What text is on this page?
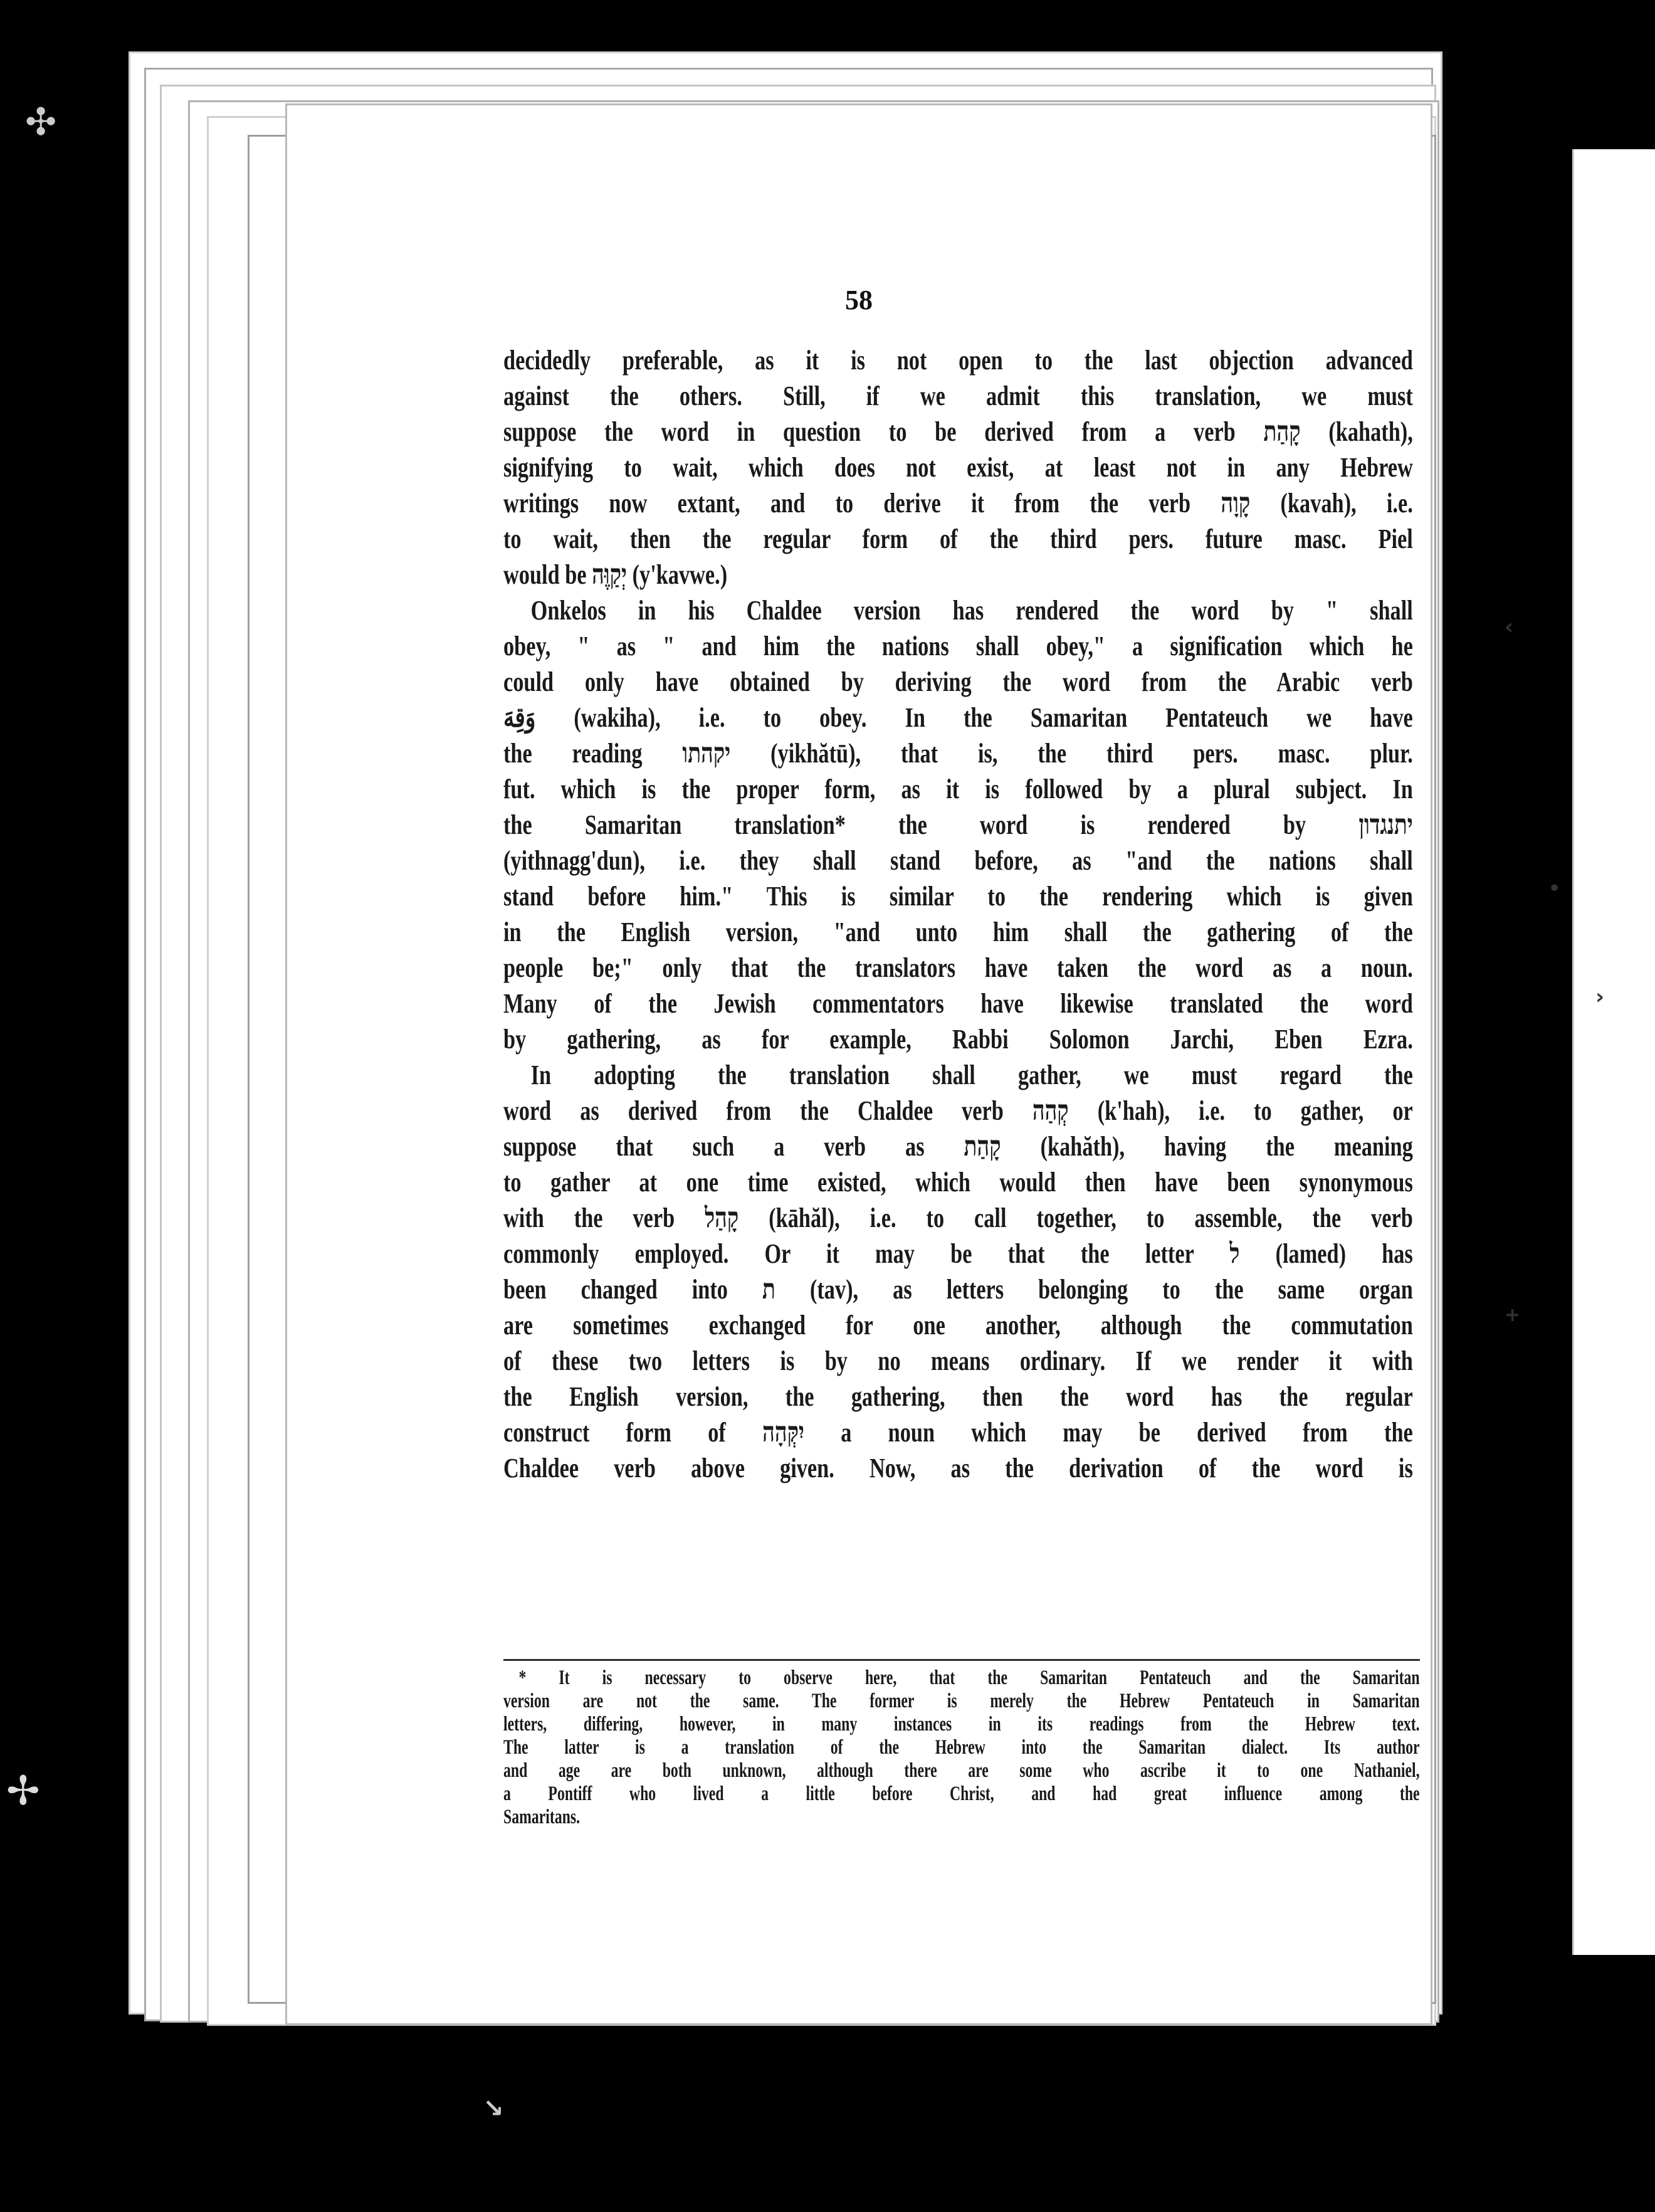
✣
‹
•
›
+
✢
↘
58
decidedly preferable, as it is not open to the last objection advanced
against the others. Still, if we admit this translation, we must
suppose the word in question to be derived from a verb קָהַת (kahath),
signifying to wait, which does not exist, at least not in any Hebrew
writings now extant, and to derive it from the verb קָוָה (kavah), i.e.
to wait, then the regular form of the third pers. future masc. Piel
would be יְקַוֶּה (y'kavwe.)
Onkelos in his Chaldee version has rendered the word by " shall
obey, " as " and him the nations shall obey," a signification which he
could only have obtained by deriving the word from the Arabic verb
وَقِهَ (wakiha), i.e. to obey. In the Samaritan Pentateuch we have
the reading יקהתו (yikhătū), that is, the third pers. masc. plur.
fut. which is the proper form, as it is followed by a plural subject. In
the Samaritan translation* the word is rendered by יתנגדון
(yithnagg'dun), i.e. they shall stand before, as "and the nations shall
stand before him." This is similar to the rendering which is given
in the English version, "and unto him shall the gathering of the
people be;" only that the translators have taken the word as a noun.
Many of the Jewish commentators have likewise translated the word
by gathering, as for example, Rabbi Solomon Jarchi, Eben Ezra.
In adopting the translation shall gather, we must regard the
word as derived from the Chaldee verb קְהַה (k'hah), i.e. to gather, or
suppose that such a verb as קָהַת (kahăth), having the meaning
to gather at one time existed, which would then have been synonymous
with the verb קָהַל (kāhăl), i.e. to call together, to assemble, the verb
commonly employed. Or it may be that the letter ל (lamed) has
been changed into ת (tav), as letters belonging to the same organ
are sometimes exchanged for one another, although the commutation
of these two letters is by no means ordinary. If we render it with
the English version, the gathering, then the word has the regular
construct form of יִקְּהָה a noun which may be derived from the
Chaldee verb above given. Now, as the derivation of the word is
* It is necessary to observe here, that the Samaritan Pentateuch and the Samaritan
version are not the same. The former is merely the Hebrew Pentateuch in Samaritan
letters, differing, however, in many instances in its readings from the Hebrew text.
The latter is a translation of the Hebrew into the Samaritan dialect. Its author
and age are both unknown, although there are some who ascribe it to one Nathaniel,
a Pontiff who lived a little before Christ, and had great influence among the
Samaritans.
